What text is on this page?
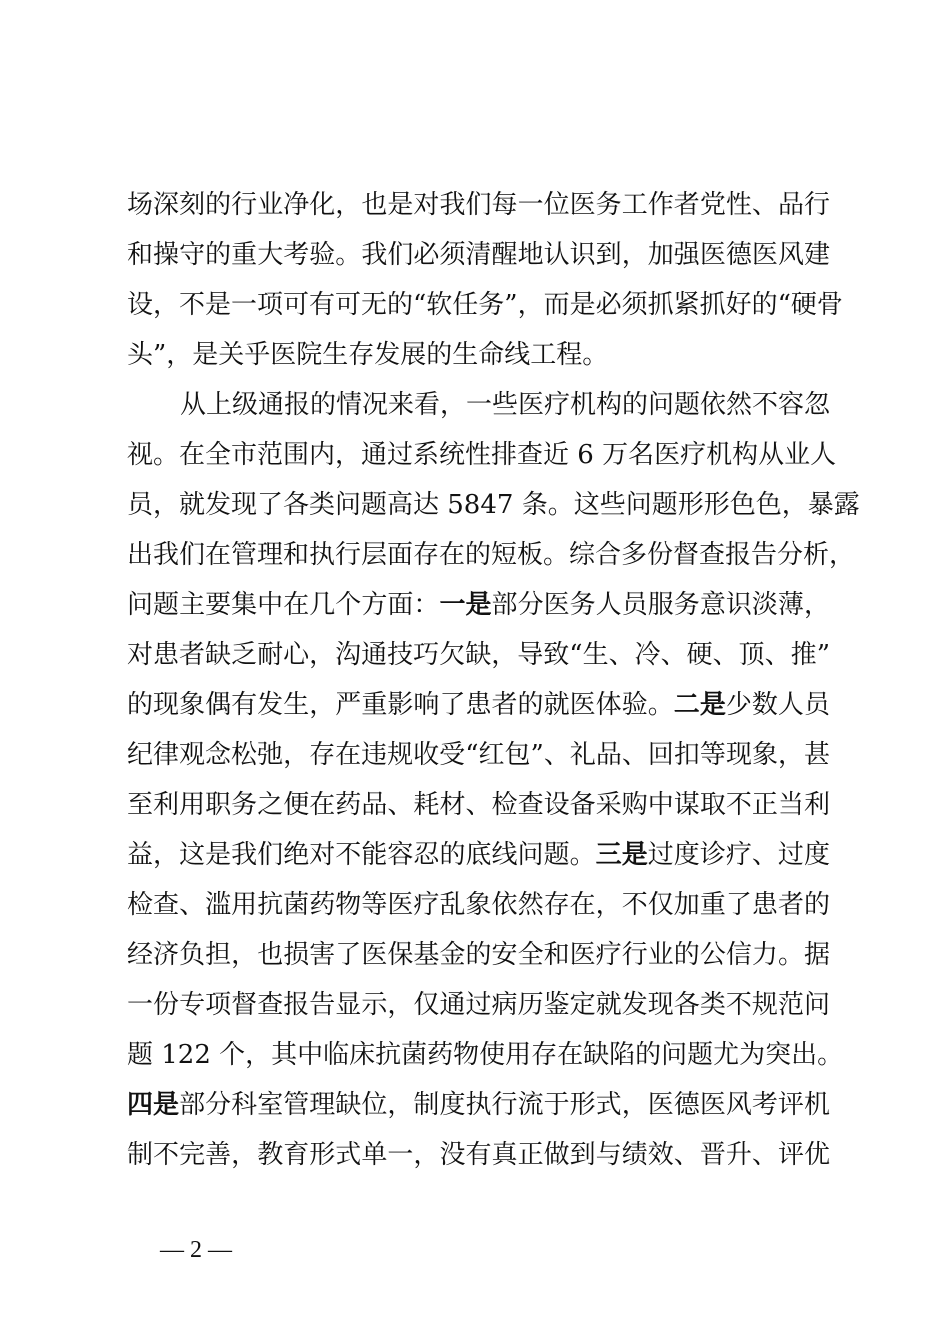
场深刻的行业净化，也是对我们每一位医务工作者党性、品行
和操守的重大考验。我们必须清醒地认识到，加强医德医风建
设，不是一项可有可无的“软任务”，而是必须抓紧抓好的“硬骨
头”，是关乎医院生存发展的生命线工程。
从上级通报的情况来看，一些医疗机构的问题依然不容忽
视。在全市范围内，通过系统性排查近 6 万名医疗机构从业人
员，就发现了各类问题高达 5847 条。这些问题形形色色，暴露
出我们在管理和执行层面存在的短板。综合多份督查报告分析，
问题主要集中在几个方面：一是部分医务人员服务意识淡薄，
对患者缺乏耐心，沟通技巧欠缺，导致“生、冷、硬、顶、推”
的现象偶有发生，严重影响了患者的就医体验。二是少数人员
纪律观念松弛，存在违规收受“红包”、礼品、回扣等现象，甚
至利用职务之便在药品、耗材、检查设备采购中谋取不正当利
益，这是我们绝对不能容忍的底线问题。三是过度诊疗、过度
检查、滥用抗菌药物等医疗乱象依然存在，不仅加重了患者的
经济负担，也损害了医保基金的安全和医疗行业的公信力。据
一份专项督查报告显示，仅通过病历鉴定就发现各类不规范问
题 122 个，其中临床抗菌药物使用存在缺陷的问题尤为突出。
四是部分科室管理缺位，制度执行流于形式，医德医风考评机
制不完善，教育形式单一，没有真正做到与绩效、晋升、评优
— 2 —
